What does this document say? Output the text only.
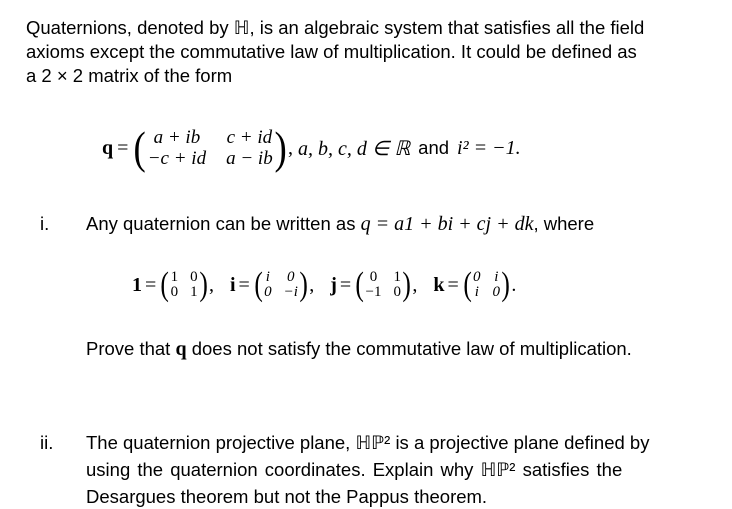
Quaternions, denoted by ℍ, is an algebraic system that satisfies all the field
axioms except the commutative law of multiplication. It could be defined as
a 2 × 2 matrix of the form
q = ( a + ib	c + id
−c + id a − ib ) , a, b, c, d ∈ ℝ and i² = −1.
i. Any quaternion can be written as q = a1 + bi + cj + dk, where
1 = ( 1 0
0 1 ) , i = ( i 0
0 −i ) , j = ( 0 1
−1 0 ) , k = ( 0 i
i 0 ) .
Prove that q does not satisfy the commutative law of multiplication.
ii. The quaternion projective plane, ℍℙ² is a projective plane defined by
using the quaternion coordinates. Explain why ℍℙ² satisfies the
Desargues theorem but not the Pappus theorem.
